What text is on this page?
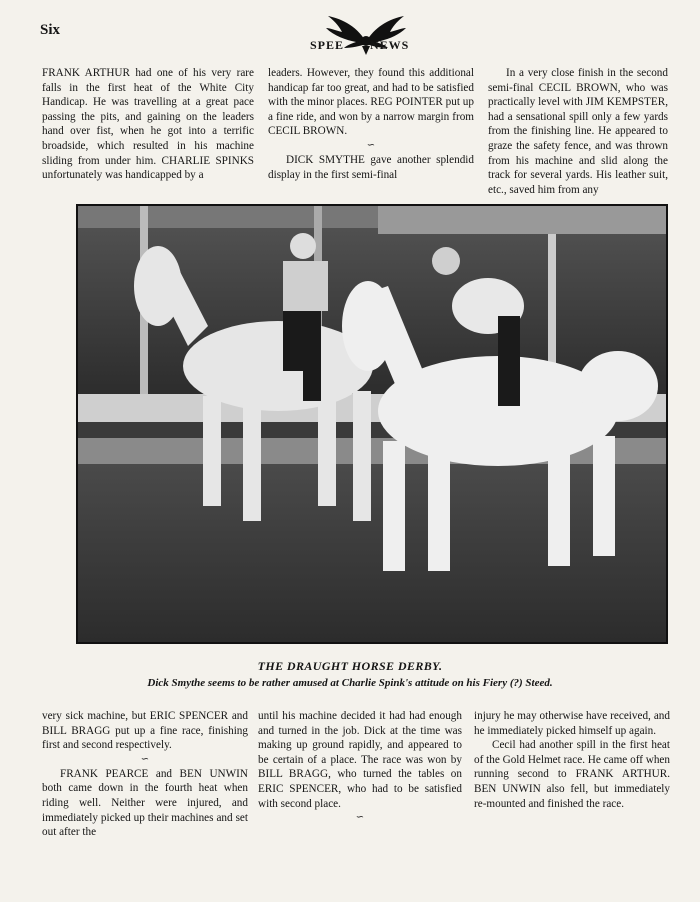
Six
SPEE NEWS

FRANK ARTHUR had one of his very rare falls in the first heat of the White City Handicap. He was travelling at a great pace passing the pits, and gaining on the leaders hand over fist, when he got into a terrific broadside, which resulted in his machine sliding from under him. CHARLIE SPINKS unfortunately was handicapped by a

leaders. However, they found this additional handicap far too great, and had to be satisfied with the minor places. REG POINTER put up a fine ride, and won by a narrow margin from CECIL BROWN.

∽

DICK SMYTHE gave another splendid display in the first semi-final

In a very close finish in the second semi-final CECIL BROWN, who was practically level with JIM KEMPSTER, had a sensational spill only a few yards from the finishing line. He appeared to graze the safety fence, and was thrown from his machine and slid along the track for several yards. His leather suit, etc., saved him from any

THE DRAUGHT HORSE DERBY.
Dick Smythe seems to be rather amused at Charlie Spink's attitude on his Fiery (?) Steed.

very sick machine, but ERIC SPENCER and BILL BRAGG put up a fine race, finishing first and second respectively.

∽

FRANK PEARCE and BEN UNWIN both came down in the fourth heat when riding well. Neither were injured, and immediately picked up their machines and set out after the

until his machine decided it had had enough and turned in the job. Dick at the time was making up ground rapidly, and appeared to be certain of a place. The race was won by BILL BRAGG, who turned the tables on ERIC SPENCER, who had to be satisfied with second place.

∽

injury he may otherwise have received, and he immediately picked himself up again.

Cecil had another spill in the first heat of the Gold Helmet race. He came off when running second to FRANK ARTHUR. BEN UNWIN also fell, but immediately re-mounted and finished the race.
